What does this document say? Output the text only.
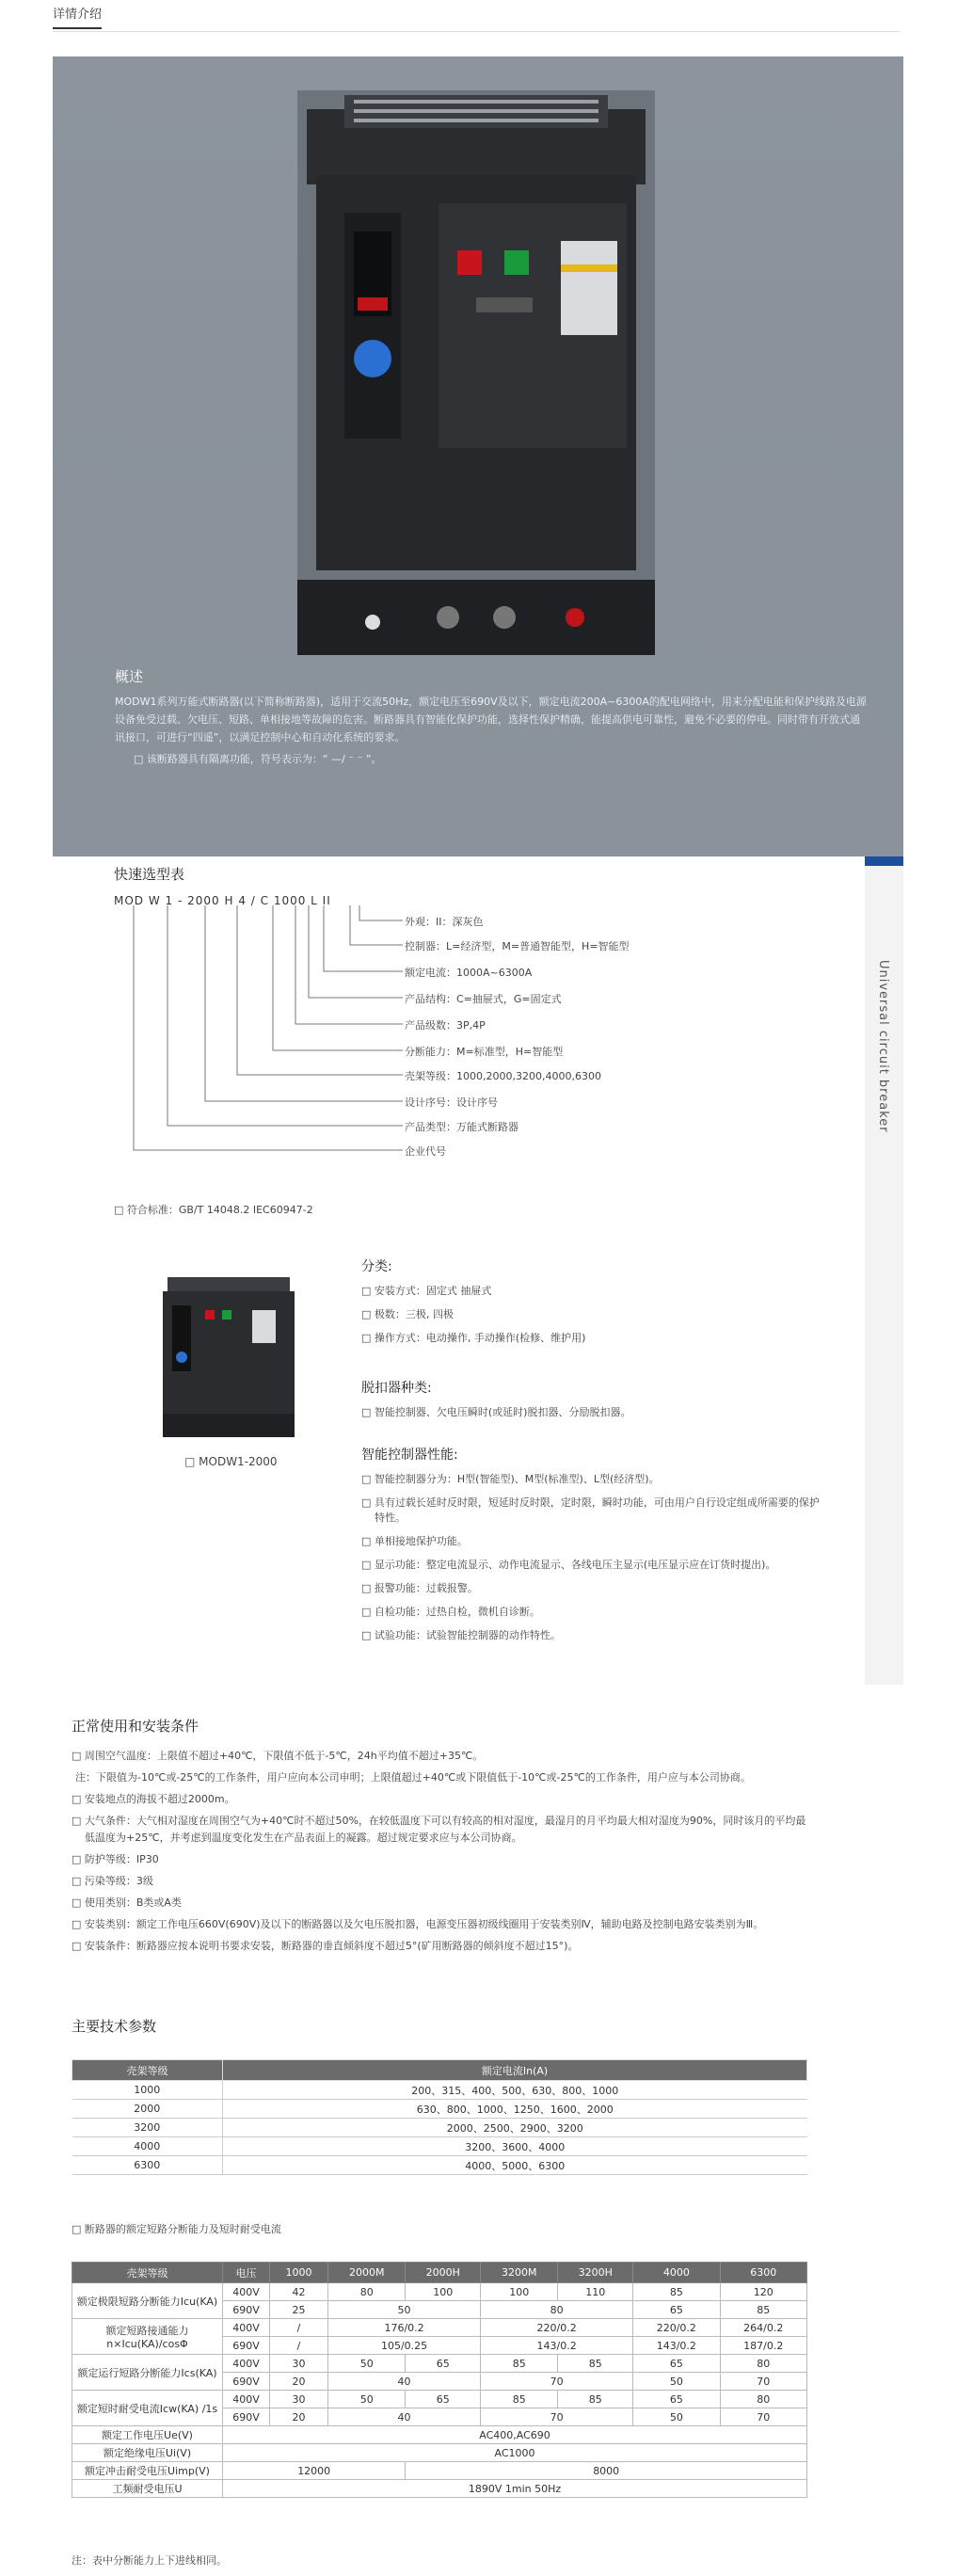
详情介绍
概述
MODW1系列万能式断路器(以下简称断路器)，适用于交流50Hz，额定电压至690V及以下，额定电流200A~6300A的配电网络中，用来分配电能和保护线路及电源设备免受过载、欠电压、短路、单相接地等故障的危害。断路器具有智能化保护功能，选择性保护精确，能提高供电可靠性，避免不必要的停电。同时带有开放式通讯接口，可进行“四遥”，以满足控制中心和自动化系统的要求。
□ 该断路器具有隔离功能，符号表示为：“ —/ ⁻ ⁻ ”。
Universal circuit breaker
快速选型表
MOD W 1 - 2000 H 4 / C 1000 L II
外观：II：深灰色
控制器：L=经济型，M=普通智能型，H=智能型
额定电流：1000A~6300A
产品结构：C=抽屉式，G=固定式
产品级数：3P,4P
分断能力：M=标准型，H=智能型
壳架等级：1000,2000,3200,4000,6300
设计序号：设计序号
产品类型：万能式断路器
企业代号
□ 符合标准：GB/T 14048.2 IEC60947-2
□ MODW1-2000
分类:
□ 安装方式：固定式 抽屉式
□ 极数：三极, 四极
□ 操作方式：电动操作, 手动操作(检修、维护用)
脱扣器种类:
□ 智能控制器、欠电压瞬时(或延时)脱扣器、分励脱扣器。
智能控制器性能:
□ 智能控制器分为：H型(智能型)、M型(标准型)、L型(经济型)。
□ 具有过载长延时反时限，短延时反时限，定时限，瞬时功能，可由用户自行设定组成所需要的保护特性。
□ 单相接地保护功能。
□ 显示功能：整定电流显示、动作电流显示、各线电压主显示(电压显示应在订货时提出)。
□ 报警功能：过载报警。
□ 自检功能：过热自检，微机自诊断。
□ 试验功能：试验智能控制器的动作特性。
正常使用和安装条件
□ 周围空气温度：上限值不超过+40℃，下限值不低于-5℃，24h平均值不超过+35℃。
注：下限值为-10℃或-25℃的工作条件，用户应向本公司申明；上限值超过+40℃或下限值低于-10℃或-25℃的工作条件，用户应与本公司协商。
□ 安装地点的海拔不超过2000m。
□ 大气条件：大气相对湿度在周围空气为+40℃时不超过50%，在较低温度下可以有较高的相对湿度，最湿月的月平均最大相对湿度为90%，同时该月的平均最低温度为+25℃，并考虑到温度变化发生在产品表面上的凝露。超过规定要求应与本公司协商。
□ 防护等级：IP30
□ 污染等级：3级
□ 使用类别：B类或A类
□ 安装类别：额定工作电压660V(690V)及以下的断路器以及欠电压脱扣器，电源变压器初级线圈用于安装类别Ⅳ，辅助电路及控制电路安装类别为Ⅲ。
□ 安装条件：断路器应按本说明书要求安装，断路器的垂直倾斜度不超过5°(矿用断路器的倾斜度不超过15°)。
主要技术参数
壳架等级	额定电流In(A)
1000	200、315、400、500、630、800、1000
2000	630、800、1000、1250、1600、2000
3200	2000、2500、2900、3200
4000	3200、3600、4000
6300	4000、5000、6300
□ 断路器的额定短路分断能力及短时耐受电流
壳架等级	电压	1000	2000M	2000H	3200M	3200H	4000	6300
额定极限短路分断能力Icu(KA)	400V	42	80	100	100	110	85	120
	690V	25	50		80		65	85
额定短路接通能力n×Icu(KA)/cosΦ	400V	/	176/0.2		220/0.2		220/0.2	264/0.2
	690V	/	105/0.25		143/0.2		143/0.2	187/0.2
额定运行短路分断能力Ics(KA)	400V	30	50	65	85	85	65	80
	690V	20	40		70		50	70
额定短时耐受电流Icw(KA) /1s	400V	30	50	65	85	85	65	80
	690V	20	40		70		50	70
额定工作电压Ue(V)	AC400,AC690							
额定绝缘电压Ui(V)	AC1000							
额定冲击耐受电压Uimp(V)	12000			8000				
工频耐受电压U	1890V 1min 50Hz							
注：表中分断能力上下进线相同。
